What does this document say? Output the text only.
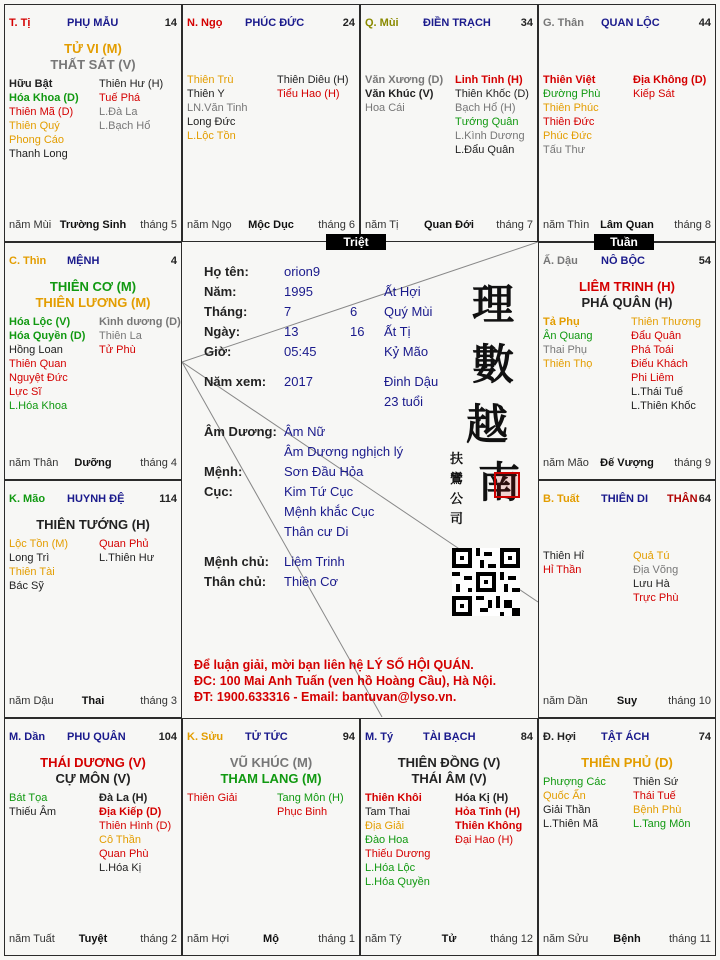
T. Tị	PHỤ MẪU	14
TỬ VI (M)
THẤT SÁT (V)
Hữu Bật
Hóa Khoa (D)
Thiên Mã (D)
Thiên Quý
Phong Cáo
Thanh Long
Thiên Hư (H)
Tuế Phá
L.Đà La
L.Bạch Hổ
Trường Sinh
năm Mùi	tháng 5
N. Ngọ PHÚC ĐỨC	24
Thiên Trù
Thiên Y
LN.Văn Tinh
Long Đức
L.Lộc Tồn
Thiên Diêu (H)
Tiểu Hao (H)
Mộc Dục
năm Ngọ	tháng 6
Q. Mùi ĐIỀN TRẠCH	34
Văn Xương (D)
Văn Khúc (V)
Hoa Cái
Linh Tinh (H)
Thiên Khốc (D)
Bạch Hổ (H)
Tướng Quân
L.Kình Dương
L.Đẩu Quân
Quan Đới
năm Tị	tháng 7
G. Thân QUAN LỘC	44
Thiên Việt
Đường Phù
Thiên Phúc
Thiên Đức
Phúc Đức
Tấu Thư
Địa Không (D)
Kiếp Sát
Lâm Quan
năm Thìn	tháng 8
C. Thìn MỆNH	4
THIÊN CƠ (M)
THIÊN LƯƠNG (M)
Hóa Lộc (V)
Hóa Quyền (D)
Hồng Loan
Thiên Quan
Nguyệt Đức
Lực Sĩ
L.Hóa Khoa
Kình dương (D)
Thiên La
Tử Phù
Dưỡng
năm Thân	tháng 4
Ấ. Dậu NÔ BỘC	54
LIÊM TRINH (H)
PHÁ QUÂN (H)
Tả Phụ
Ân Quang
Thai Phụ
Thiên Thọ
Thiên Thương
Đẩu Quân
Phá Toái
Điếu Khách
Phi Liêm
L.Thái Tuế
L.Thiên Khốc
Đế Vượng
năm Mão	tháng 9
K. Mão HUYNH ĐỆ	114
THIÊN TƯỚNG (H)
Lộc Tồn (M)
Long Trì
Thiên Tài
Bác Sỹ
Quan Phủ
L.Thiên Hư
Thai
năm Dậu	tháng 3
THÂN
B. Tuất THIÊN DI	64
Thiên Hỉ
Hỉ Thần
Quả Tú
Địa Võng
Lưu Hà
Trực Phù
Suy
năm Dần	tháng 10
M. Dần PHU QUÂN	104
THÁI DƯƠNG (V)
CỰ MÔN (V)
Bát Tọa
Thiếu Âm
Đà La (H)
Địa Kiếp (D)
Thiên Hình (D)
Cô Thần
Quan Phù
L.Hóa Kị
Tuyệt
năm Tuất	tháng 2
K. Sửu TỬ TỨC	94
VŨ KHÚC (M)
THAM LANG (M)
Thiên Giải	Tang Môn (H)
Phục Binh
Mộ
năm Hợi	tháng 1
M. Tý	TÀI BẠCH	84
THIÊN ĐỒNG (V)
THÁI ÂM (V)
Thiên Khôi
Tam Thai
Địa Giải
Đào Hoa
Thiếu Dương
L.Hóa Lộc
L.Hóa Quyền
Hóa Kị (H)
Hỏa Tinh (H)
Thiên Không
Đại Hao (H)
Tử
năm Tý	tháng 12
Đ. Hợi TẬT ÁCH	74
THIÊN PHỦ (D)
Phượng Các
Quốc Ấn
Giải Thần
L.Thiên Mã
Thiên Sứ
Thái Tuế
Bệnh Phù
L.Tang Môn
Bệnh
năm Sửu	tháng 11
Triệt	Tuần
Họ tên:	orion9
Năm:	1995	Ất Hợi
Tháng:	7	6 Quý Mùi
Ngày:	13	16 Ất Tị
Giờ:	05:45	Kỷ Mão
Năm xem: 2017	Đinh Dậu
23 tuổi
Âm Dương: Âm Nữ
Âm Dương nghịch lý
Mệnh:	Sơn Đầu Hỏa
Cục:	Kim Tứ Cục
Mệnh khắc Cục
Thân cư Di
Mệnh chủ: Liêm Trinh
Thân chủ: Thiên Cơ
理
數
越
南
扶
鸞
公
司
Để luận giải, mời bạn liên hệ LÝ SỐ HỘI QUÁN.
ĐC: 100 Mai Anh Tuấn (ven hồ Hoàng Cầu), Hà Nội.
ĐT: 1900.633316 - Email: bantuvan@lyso.vn.
